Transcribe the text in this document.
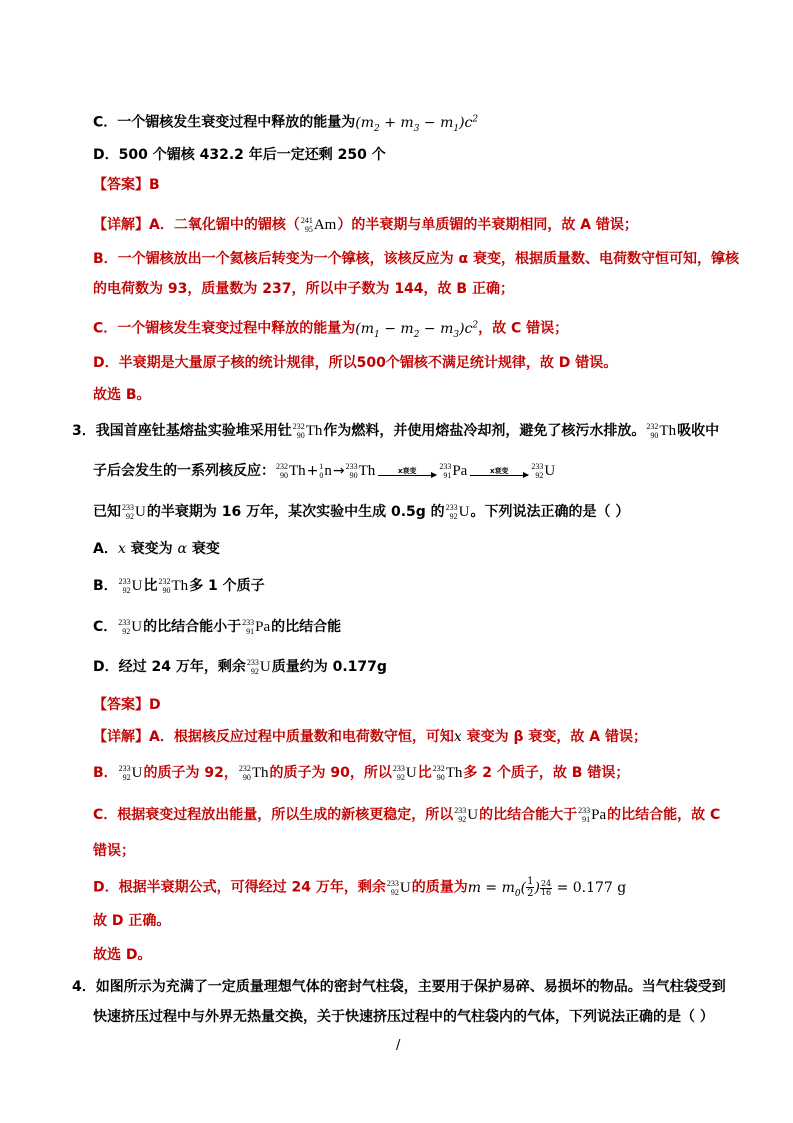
C．一个镅核发生衰变过程中释放的能量为$(m_2 + m_3 - m_1)c^2$
D．500 个镅核 432.2 年后一定还剩 250 个
【答案】B
【详解】A．二氧化镅中的镅核（ 241
95 Am ）的半衰期与单质镅的半衰期相同，故 A 错误；
B．一个镅核放出一个氦核后转变为一个镎核，该核反应为 α 衰变，根据质量数、电荷数守恒可知，镎核
的电荷数为 93，质量数为 237，所以中子数为 144，故 B 正确；
C．一个镅核发生衰变过程中释放的能量为$(m_1 - m_2 - m_3)c^2$，故 C 错误；
D．半衰期是大量原子核的统计规律，所以500个镅核不满足统计规律，故 D 错误。
故选 B。
3．我国首座钍基熔盐实验堆采用钍 232
90 Th 作为燃料，并使用熔盐冷却剂，避免了核污水排放。 232
90 Th 吸收中
子后会发生的一系列核反应： 232
90 Th + 1
0 n → 233
90 Th	x衰变	233
91 Pa	x衰变	233
92 U
已知 233
92 U 的半衰期为 16 万年，某次实验中生成 0.5g 的 233
92 U 。下列说法正确的是（ ）
A．x 衰变为 α 衰变
B． 233
92 U 比 232
90 Th 多 1 个质子
C． 233
92 U 的比结合能小于 233
91 Pa 的比结合能
D．经过 24 万年，剩余 233
92 U 质量约为 0.177g
【答案】D
【详解】A．根据核反应过程中质量数和电荷数守恒，可知x 衰变为 β 衰变，故 A 错误；
B． 233
92 U 的质子为 92， 232
90 Th 的质子为 90，所以 233
92 U 比 232
90 Th 多 2 个质子，故 B 错误；
C．根据衰变过程放出能量，所以生成的新核更稳定，所以 233
92 U 的比结合能大于 233
91 Pa 的比结合能，故 C
错误；
D．根据半衰期公式，可得经过 24 万年，剩余 233
92 U 的质量为$m = m_0( \frac{1}{2}$ ) $\frac{24}{16} = 0.177$ g
故 D 正确。
故选 D。
4．如图所示为充满了一定质量理想气体的密封气柱袋，主要用于保护易碎、易损坏的物品。当气柱袋受到
快速挤压过程中与外界无热量交换，关于快速挤压过程中的气柱袋内的气体，下列说法正确的是（ ）
/
